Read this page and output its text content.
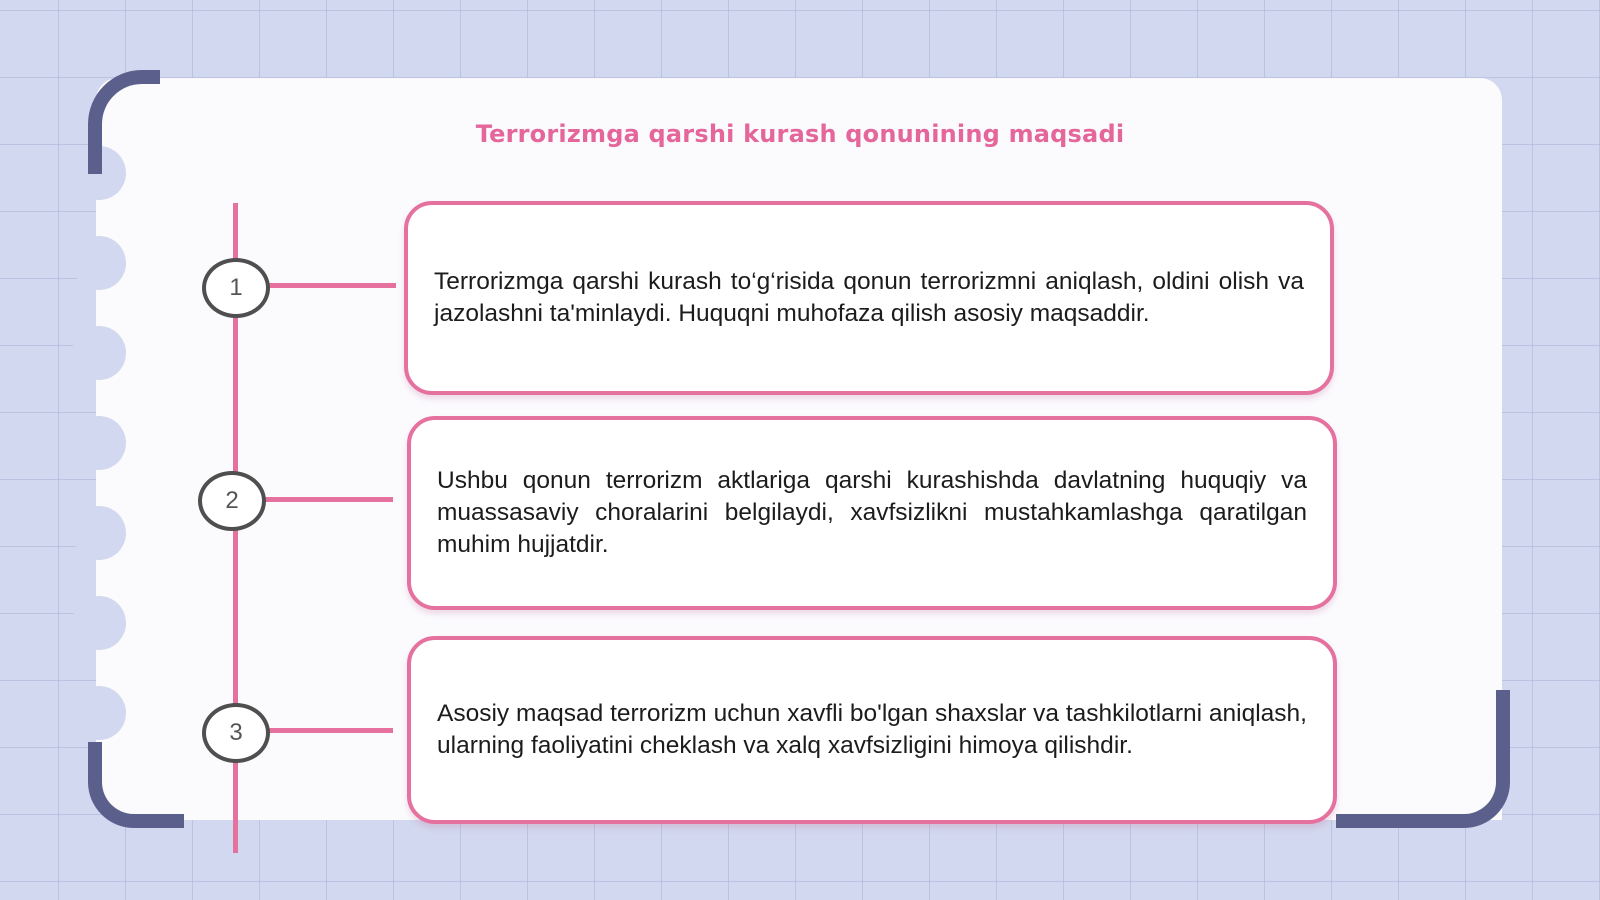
Terrorizmga qarshi kurash qonunining maqsadi
1	Terrorizmga qarshi kurash to‘g‘risida qonun terrorizmni aniqlash, oldini olish va jazolashni ta'minlaydi. Huquqni muhofaza qilish asosiy maqsaddir.
2
Ushbu qonun terrorizm aktlariga qarshi kurashishda davlatning huquqiy va muassasaviy choralarini belgilaydi, xavfsizlikni mustahkamlashga qaratilgan muhim hujjatdir.
3
Asosiy maqsad terrorizm uchun xavfli bo'lgan shaxslar va tashkilotlarni aniqlash, ularning faoliyatini cheklash va xalq xavfsizligini himoya qilishdir.
